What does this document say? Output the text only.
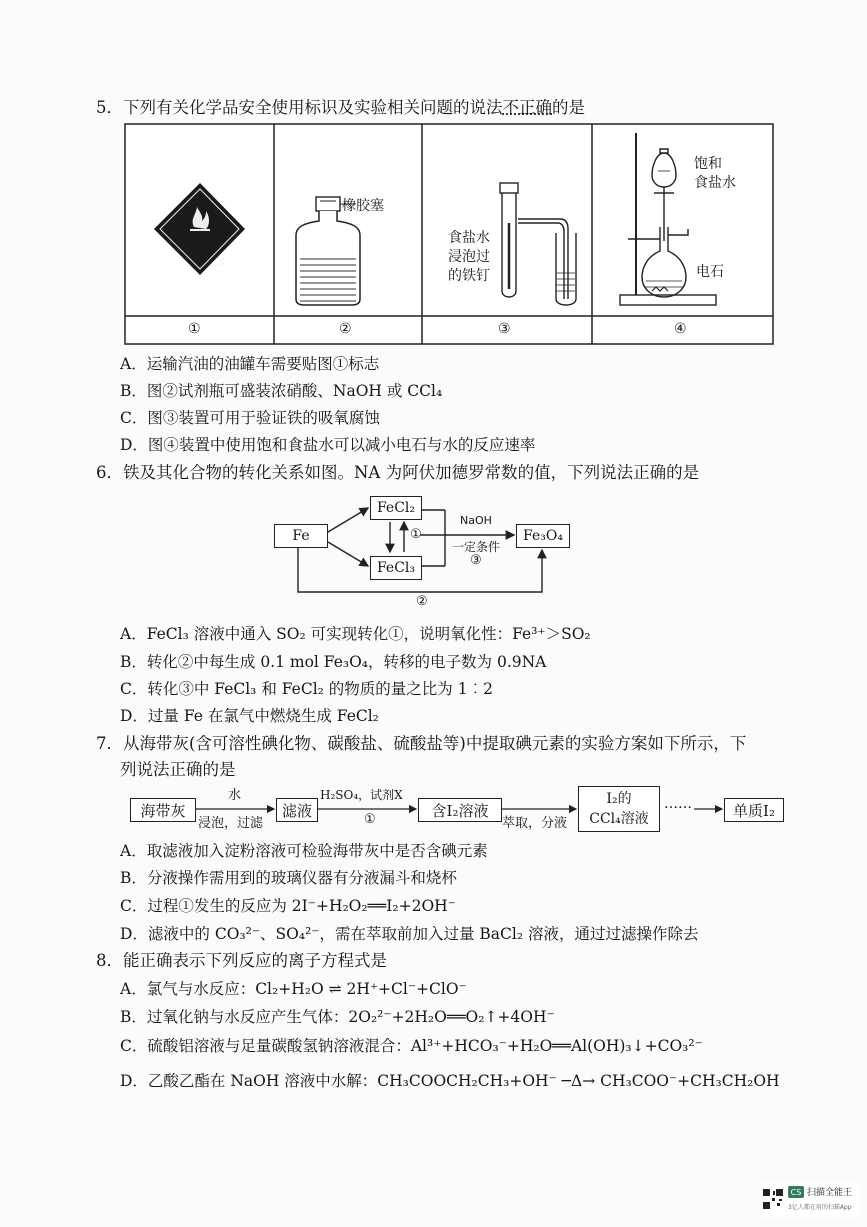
5．下列有关化学品安全使用标识及实验相关问题的说法不正确的是
3
橡胶塞
食盐水
浸泡过
的铁钉
饱和
食盐水
电石
①	②	③	④
A．运输汽油的油罐车需要贴图①标志
B．图②试剂瓶可盛装浓硝酸、NaOH 或 CCl₄
C．图③装置可用于验证铁的吸氧腐蚀
D．图④装置中使用饱和食盐水可以减小电石与水的反应速率
6．铁及其化合物的转化关系如图。NA 为阿伏加德罗常数的值，下列说法正确的是
Fe
FeCl₂
FeCl₃
Fe₃O₄
①
NaOH
一定条件
③
②
A．FeCl₃ 溶液中通入 SO₂ 可实现转化①，说明氧化性：Fe³⁺＞SO₂
B．转化②中每生成 0.1 mol Fe₃O₄，转移的电子数为 0.9NA
C．转化③中 FeCl₃ 和 FeCl₂ 的物质的量之比为 1︰2
D．过量 Fe 在氯气中燃烧生成 FeCl₂
7．从海带灰(含可溶性碘化物、碳酸盐、硫酸盐等)中提取碘元素的实验方案如下所示，下
列说法正确的是
海带灰
水
浸泡，过滤
滤液
H₂SO₄，试剂X
①	含I₂溶液
萃取，分液
I₂的
CCl₄溶液
……	单质I₂
A．取滤液加入淀粉溶液可检验海带灰中是否含碘元素
B．分液操作需用到的玻璃仪器有分液漏斗和烧杯
C．过程①发生的反应为 2I⁻+H₂O₂══I₂+2OH⁻
D．滤液中的 CO₃²⁻、SO₄²⁻，需在萃取前加入过量 BaCl₂ 溶液，通过过滤操作除去
8．能正确表示下列反应的离子方程式是
A．氯气与水反应：Cl₂+H₂O ⇌ 2H⁺+Cl⁻+ClO⁻
B．过氧化钠与水反应产生气体：2O₂²⁻+2H₂O══O₂↑+4OH⁻
C．硫酸铝溶液与足量碳酸氢钠溶液混合：Al³⁺+HCO₃⁻+H₂O══Al(OH)₃↓+CO₃²⁻
D．乙酸乙酯在 NaOH 溶液中水解：CH₃COOCH₂CH₃+OH⁻ ─Δ→ CH₃COO⁻+CH₃CH₂OH
CS 扫描全能王
3亿人都在用的扫描App
